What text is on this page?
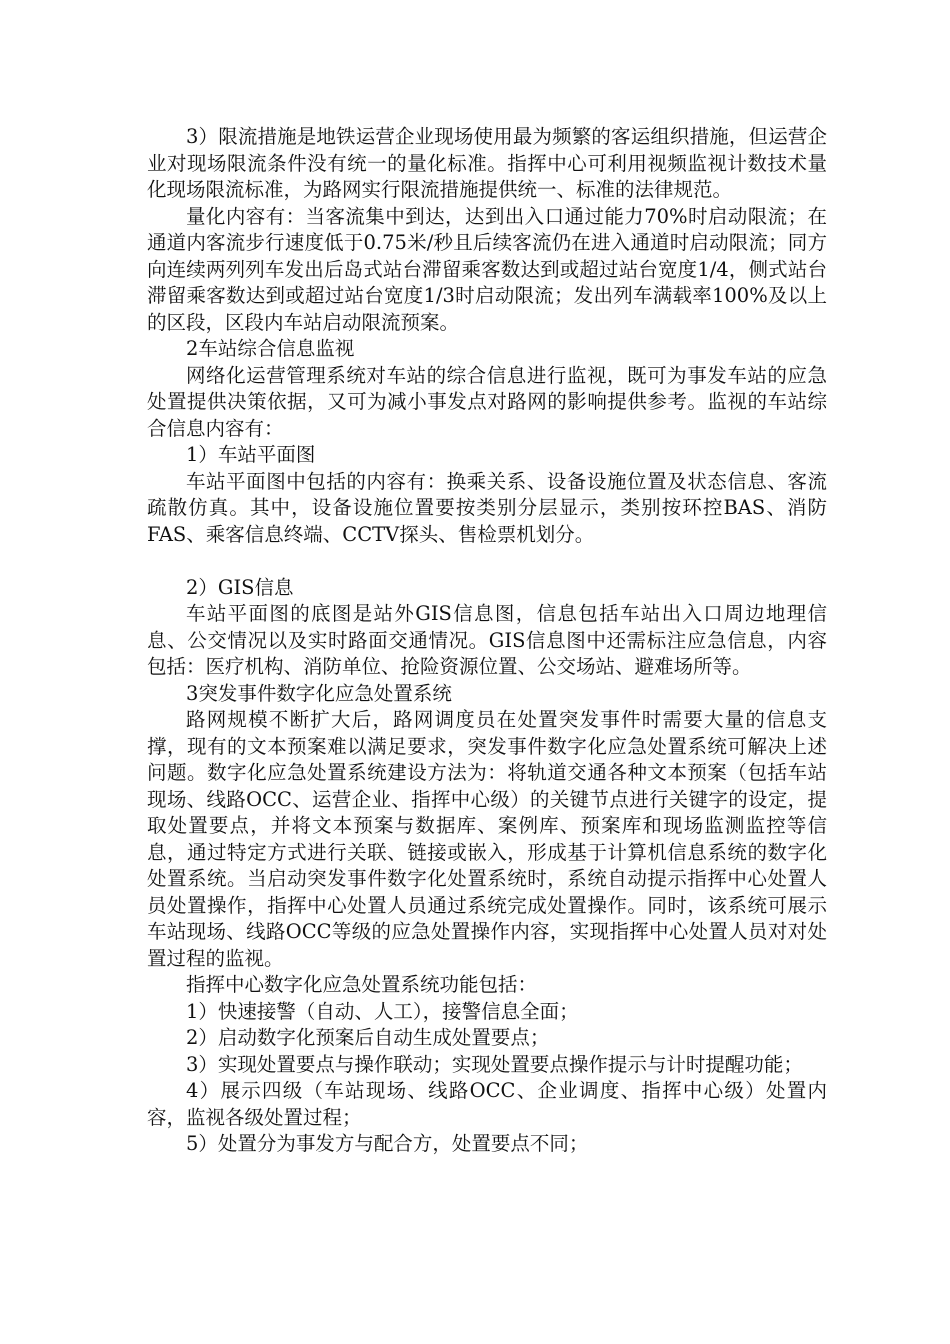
3）限流措施是地铁运营企业现场使用最为频繁的客运组织措施，但运营企业对现场限流条件没有统一的量化标准。指挥中心可利用视频监视计数技术量化现场限流标准，为路网实行限流措施提供统一、标准的法律规范。

量化内容有：当客流集中到达，达到出入口通过能力70%时启动限流；在通道内客流步行速度低于0.75米/秒且后续客流仍在进入通道时启动限流；同方向连续两列列车发出后岛式站台滞留乘客数达到或超过站台宽度1/4，侧式站台滞留乘客数达到或超过站台宽度1/3时启动限流；发出列车满载率100%及以上的区段，区段内车站启动限流预案。

2车站综合信息监视

网络化运营管理系统对车站的综合信息进行监视，既可为事发车站的应急处置提供决策依据，又可为减小事发点对路网的影响提供参考。监视的车站综合信息内容有：

1）车站平面图

车站平面图中包括的内容有：换乘关系、设备设施位置及状态信息、客流疏散仿真。其中，设备设施位置要按类别分层显示，类别按环控BAS、消防FAS、乘客信息终端、CCTV探头、售检票机划分。

2）GIS信息

车站平面图的底图是站外GIS信息图，信息包括车站出入口周边地理信息、公交情况以及实时路面交通情况。GIS信息图中还需标注应急信息，内容包括：医疗机构、消防单位、抢险资源位置、公交场站、避难场所等。

3突发事件数字化应急处置系统

路网规模不断扩大后，路网调度员在处置突发事件时需要大量的信息支撑，现有的文本预案难以满足要求，突发事件数字化应急处置系统可解决上述问题。数字化应急处置系统建设方法为：将轨道交通各种文本预案（包括车站现场、线路OCC、运营企业、指挥中心级）的关键节点进行关键字的设定，提取处置要点，并将文本预案与数据库、案例库、预案库和现场监测监控等信息，通过特定方式进行关联、链接或嵌入，形成基于计算机信息系统的数字化处置系统。当启动突发事件数字化处置系统时，系统自动提示指挥中心处置人员处置操作，指挥中心处置人员通过系统完成处置操作。同时，该系统可展示车站现场、线路OCC等级的应急处置操作内容，实现指挥中心处置人员对对处置过程的监视。

指挥中心数字化应急处置系统功能包括：

1）快速接警（自动、人工），接警信息全面；

2）启动数字化预案后自动生成处置要点；

3）实现处置要点与操作联动；实现处置要点操作提示与计时提醒功能；

4）展示四级（车站现场、线路OCC、企业调度、指挥中心级）处置内容，监视各级处置过程；

5）处置分为事发方与配合方，处置要点不同；
